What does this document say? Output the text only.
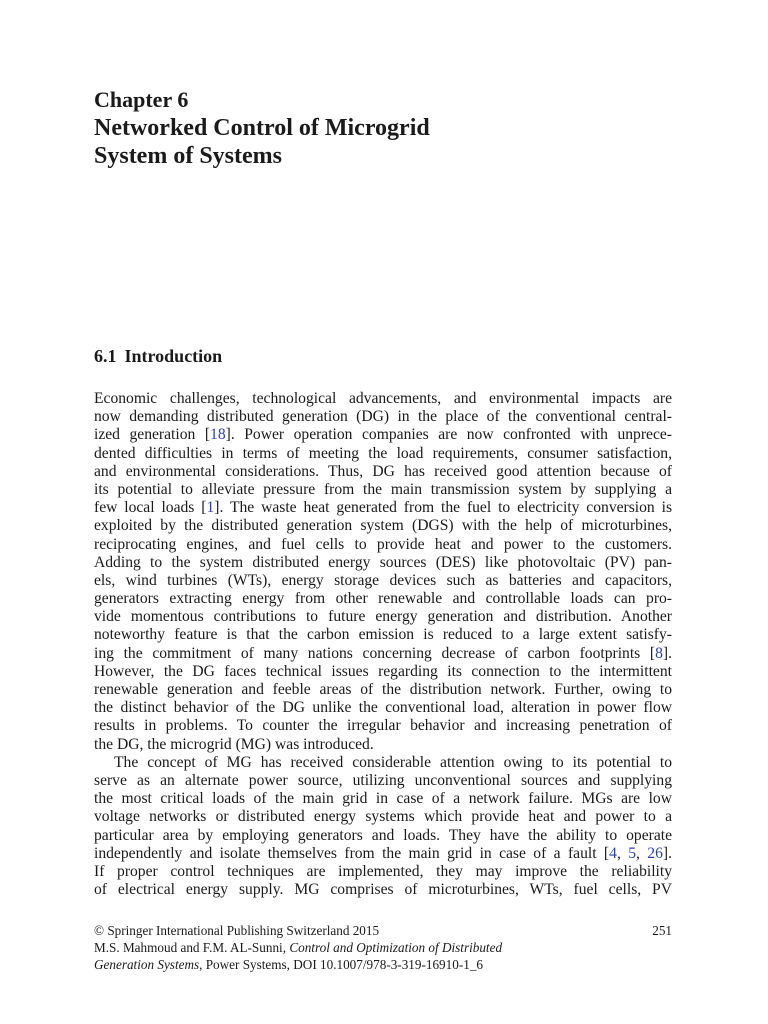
Chapter 6
Networked Control of Microgrid
System of Systems
6.1 Introduction
Economic challenges, technological advancements, and environmental impacts are
now demanding distributed generation (DG) in the place of the conventional central-
ized generation [18]. Power operation companies are now confronted with unprece-
dented difficulties in terms of meeting the load requirements, consumer satisfaction,
and environmental considerations. Thus, DG has received good attention because of
its potential to alleviate pressure from the main transmission system by supplying a
few local loads [1]. The waste heat generated from the fuel to electricity conversion is
exploited by the distributed generation system (DGS) with the help of microturbines,
reciprocating engines, and fuel cells to provide heat and power to the customers.
Adding to the system distributed energy sources (DES) like photovoltaic (PV) pan-
els, wind turbines (WTs), energy storage devices such as batteries and capacitors,
generators extracting energy from other renewable and controllable loads can pro-
vide momentous contributions to future energy generation and distribution. Another
noteworthy feature is that the carbon emission is reduced to a large extent satisfy-
ing the commitment of many nations concerning decrease of carbon footprints [8].
However, the DG faces technical issues regarding its connection to the intermittent
renewable generation and feeble areas of the distribution network. Further, owing to
the distinct behavior of the DG unlike the conventional load, alteration in power flow
results in problems. To counter the irregular behavior and increasing penetration of
the DG, the microgrid (MG) was introduced.
The concept of MG has received considerable attention owing to its potential to
serve as an alternate power source, utilizing unconventional sources and supplying
the most critical loads of the main grid in case of a network failure. MGs are low
voltage networks or distributed energy systems which provide heat and power to a
particular area by employing generators and loads. They have the ability to operate
independently and isolate themselves from the main grid in case of a fault [4, 5, 26].
If proper control techniques are implemented, they may improve the reliability
of electrical energy supply. MG comprises of microturbines, WTs, fuel cells, PV
© Springer International Publishing Switzerland 2015	251
M.S. Mahmoud and F.M. AL-Sunni, Control and Optimization of Distributed
Generation Systems, Power Systems, DOI 10.1007/978-3-319-16910-1_6
